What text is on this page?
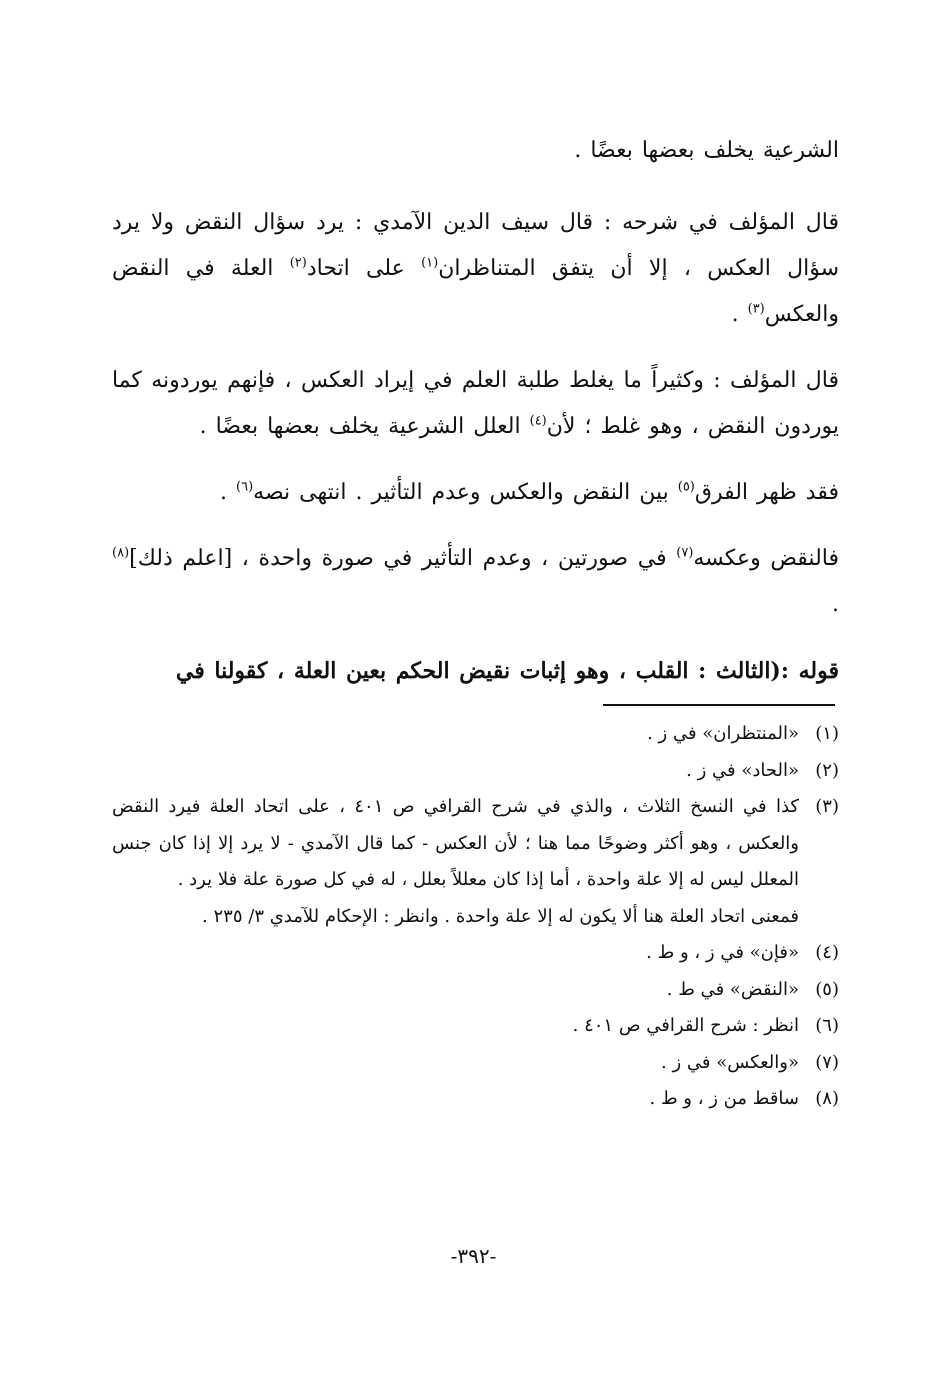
الشرعية يخلف بعضها بعضًا .

قال المؤلف في شرحه : قال سيف الدين الآمدي : يرد سؤال النقض ولا يرد سؤال العكس ، إلا أن يتفق المتناظران$^{(١)}$ على اتحاد$^{(٢)}$ العلة في النقض والعكس$^{(٣)}$ .

قال المؤلف : وكثيراً ما يغلط طلبة العلم في إيراد العكس ، فإنهم يوردونه كما يوردون النقض ، وهو غلط ؛ لأن$^{(٤)}$ العلل الشرعية يخلف بعضها بعضًا .

فقد ظهر الفرق$^{(٥)}$ بين النقض والعكس وعدم التأثير . انتهى نصه$^{(٦)}$ .

فالنقض وعكسه$^{(٧)}$ في صورتين ، وعدم التأثير في صورة واحدة ، [اعلم ذلك]$^{(٨)}$ .

قوله :(الثالث : القلب ، وهو إثبات نقيض الحكم بعين العلة ، كقولنا في

(١)
«المنتظران» في ز .
(٢)
«الحاد» في ز .
(٣)
كذا في النسخ الثلاث ، والذي في شرح القرافي ص ٤٠١ ، على اتحاد العلة فيرد النقض والعكس ، وهو أكثر وضوحًا مما هنا ؛ لأن العكس - كما قال الآمدي - لا يرد إلا إذا كان جنس المعلل ليس له إلا علة واحدة ، أما إذا كان معللاً بعلل ، له في كل صورة علة فلا يرد .
فمعنى اتحاد العلة هنا ألا يكون له إلا علة واحدة . وانظر : الإحكام للآمدي ٣/ ٢٣٥ .
(٤)
«فإن» في ز ، و ط .
(٥)
«النقض» في ط .
(٦)
انظر : شرح القرافي ص ٤٠١ .
(٧)
«والعكس» في ز .
(٨)
ساقط من ز ، و ط .
-٣٩٢-
